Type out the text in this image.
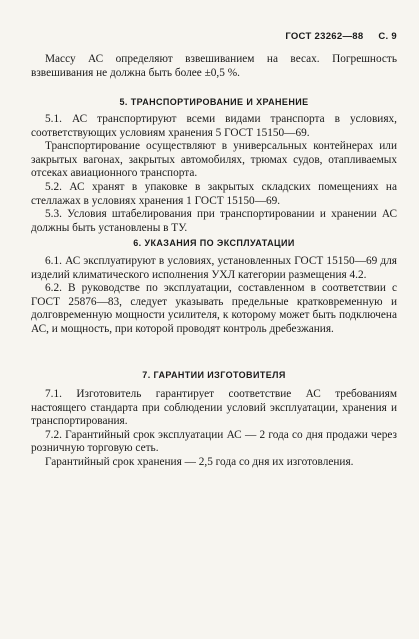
ГОСТ 23262—88 С. 9

Массу АС определяют взвешиванием на весах. Погрешность взвешивания не должна быть более ±0,5 %.

5. ТРАНСПОРТИРОВАНИЕ И ХРАНЕНИЕ

5.1. АС транспортируют всеми видами транспорта в условиях, соответствующих условиям хранения 5 ГОСТ 15150—69.

Транспортирование осуществляют в универсальных контейнерах или закрытых вагонах, закрытых автомобилях, трюмах судов, отапливаемых отсеках авиационного транспорта.

5.2. АС хранят в упаковке в закрытых складских помещениях на стеллажах в условиях хранения 1 ГОСТ 15150—69.

5.3. Условия штабелирования при транспортировании и хранении АС должны быть установлены в ТУ.

6. УКАЗАНИЯ ПО ЭКСПЛУАТАЦИИ

6.1. АС эксплуатируют в условиях, установленных ГОСТ 15150—69 для изделий климатического исполнения УХЛ категории размещения 4.2.

6.2. В руководстве по эксплуатации, составленном в соответствии с ГОСТ 25876—83, следует указывать предельные кратковременную и долговременную мощности усилителя, к которому может быть подключена АС, и мощность, при которой проводят контроль дребезжания.

7. ГАРАНТИИ ИЗГОТОВИТЕЛЯ

7.1. Изготовитель гарантирует соответствие АС требованиям настоящего стандарта при соблюдении условий эксплуатации, хранения и транспортирования.

7.2. Гарантийный срок эксплуатации АС — 2 года со дня продажи через розничную торговую сеть.

Гарантийный срок хранения — 2,5 года со дня их изготовления.
